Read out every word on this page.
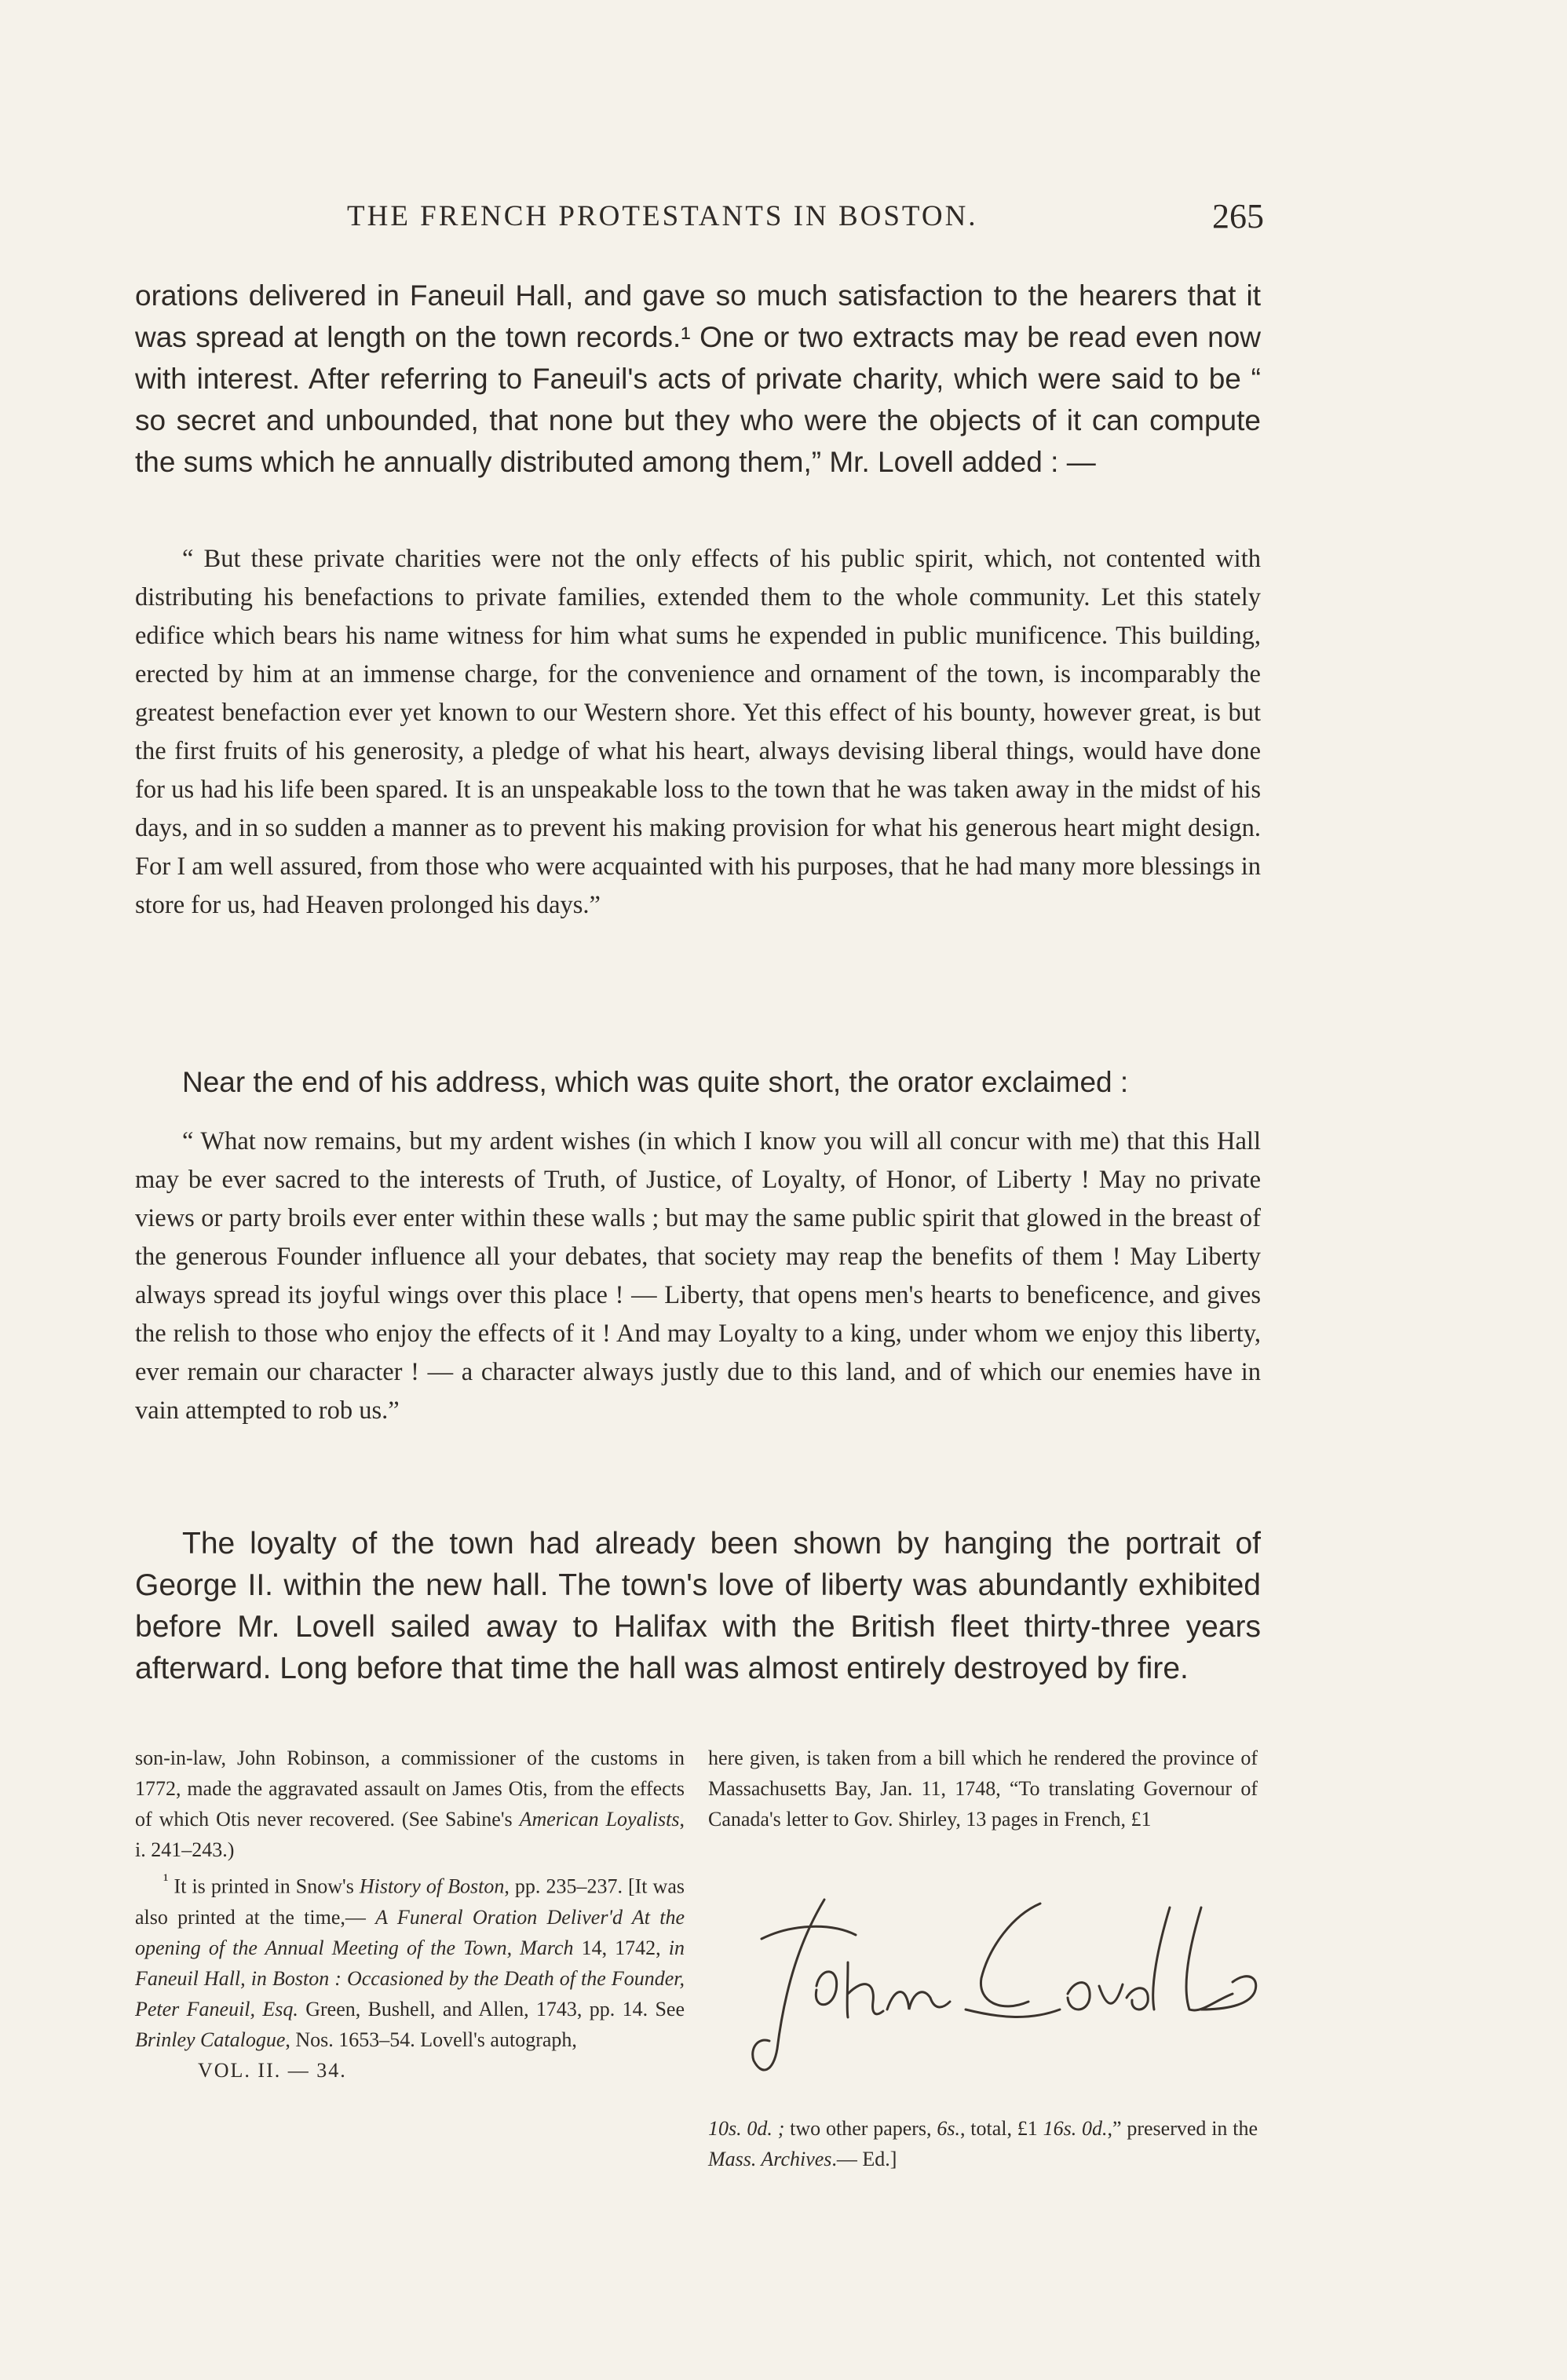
THE FRENCH PROTESTANTS IN BOSTON.	265

orations delivered in Faneuil Hall, and gave so much satisfaction to the hearers that it was spread at length on the town records.¹ One or two extracts may be read even now with interest. After referring to Faneuil's acts of private charity, which were said to be “ so secret and unbounded, that none but they who were the objects of it can compute the sums which he annually distributed among them,” Mr. Lovell added : —

“ But these private charities were not the only effects of his public spirit, which, not contented with distributing his benefactions to private families, extended them to the whole community. Let this stately edifice which bears his name witness for him what sums he expended in public munificence. This building, erected by him at an immense charge, for the convenience and ornament of the town, is incomparably the greatest benefaction ever yet known to our Western shore. Yet this effect of his bounty, however great, is but the first fruits of his generosity, a pledge of what his heart, always devising liberal things, would have done for us had his life been spared. It is an unspeakable loss to the town that he was taken away in the midst of his days, and in so sudden a manner as to prevent his making provision for what his generous heart might design. For I am well assured, from those who were acquainted with his purposes, that he had many more blessings in store for us, had Heaven prolonged his days.”

Near the end of his address, which was quite short, the orator exclaimed :

“ What now remains, but my ardent wishes (in which I know you will all concur with me) that this Hall may be ever sacred to the interests of Truth, of Justice, of Loyalty, of Honor, of Liberty ! May no private views or party broils ever enter within these walls ; but may the same public spirit that glowed in the breast of the generous Founder influence all your debates, that society may reap the benefits of them ! May Liberty always spread its joyful wings over this place ! — Liberty, that opens men's hearts to beneficence, and gives the relish to those who enjoy the effects of it ! And may Loyalty to a king, under whom we enjoy this liberty, ever remain our character ! — a character always justly due to this land, and of which our enemies have in vain attempted to rob us.”

The loyalty of the town had already been shown by hanging the portrait of George II. within the new hall. The town's love of liberty was abundantly exhibited before Mr. Lovell sailed away to Halifax with the British fleet thirty-three years afterward. Long before that time the hall was almost entirely destroyed by fire.

son-in-law, John Robinson, a commissioner of the customs in 1772, made the aggravated assault on James Otis, from the effects of which Otis never recovered. (See Sabine's American Loyalists, i. 241–243.)

$^{^1}$ It is printed in Snow's History of Boston, pp. 235–237. [It was also printed at the time,— A Funeral Oration Deliver'd At the opening of the Annual Meeting of the Town, March 14, 1742, in Faneuil Hall, in Boston : Occasioned by the Death of the Founder, Peter Faneuil, Esq. Green, Bushell, and Allen, 1743, pp. 14. See Brinley Catalogue, Nos. 1653–54. Lovell's autograph,

VOL. II. — 34.

here given, is taken from a bill which he rendered the province of Massachusetts Bay, Jan. 11, 1748, “To translating Governour of Canada's letter to Gov. Shirley, 13 pages in French, £1

10s. 0d. ; two other papers, 6s., total, £1 16s. 0d.,” preserved in the Mass. Archives.— Ed.]
